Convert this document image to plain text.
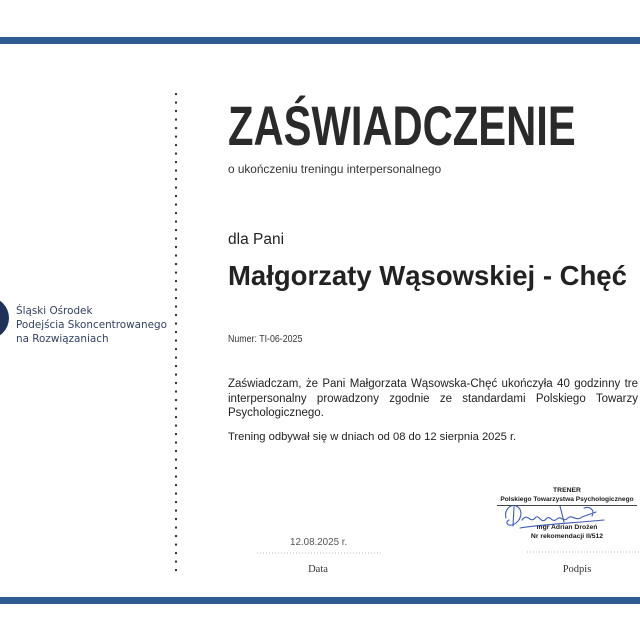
Śląski Ośrodek
Podejścia Skoncentrowanego
na Rozwiązaniach
ZAŚWIADCZENIE
o ukończeniu treningu interpersonalnego
dla Pani
Małgorzaty Wąsowskiej - Chęć
Numer: TI-06-2025
Zaświadczam, że Pani Małgorzata Wąsowska-Chęć ukończyła 40 godzinny tre
interpersonalny prowadzony zgodnie ze standardami Polskiego Towarzy
Psychologicznego.
Trening odbywał się w dniach od 08 do 12 sierpnia 2025 r.
TRENER
Polskiego Towarzystwa Psychologicznego
mgr Adrian Drożeń
Nr rekomendacji II/512
12.08.2025 r.
Data	Podpis
